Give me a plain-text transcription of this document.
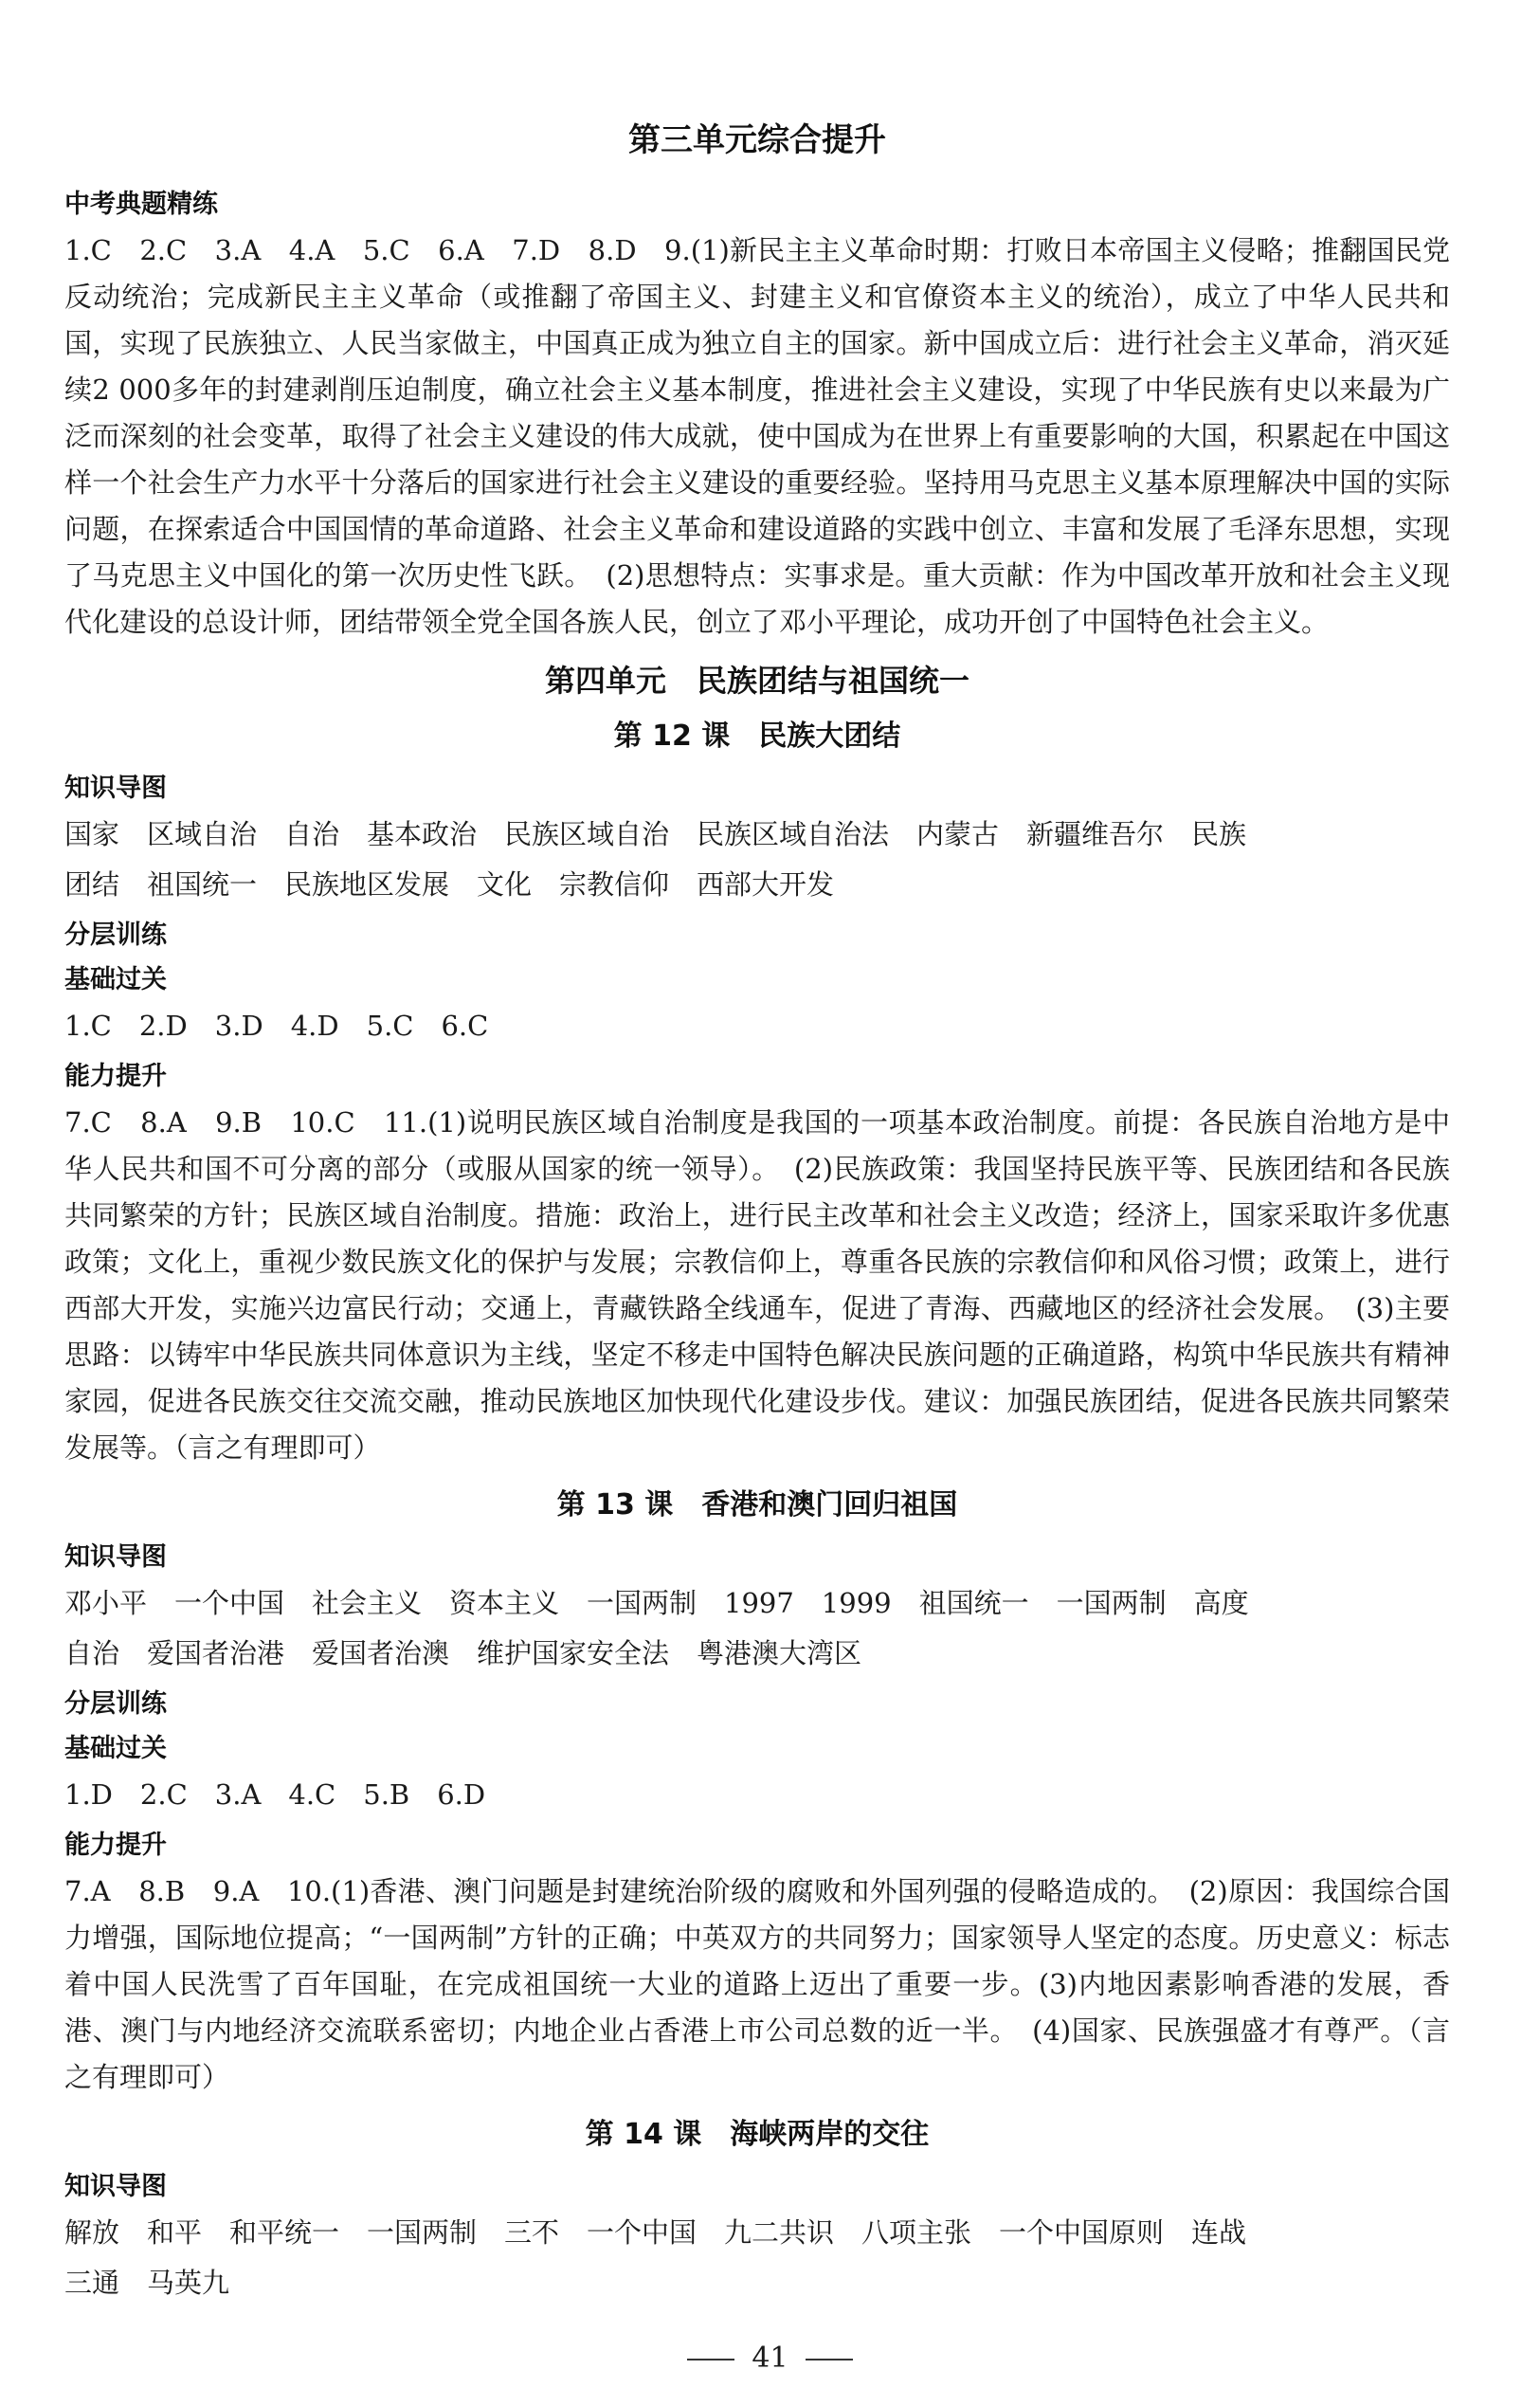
第三单元综合提升
中考典题精练

1.C　2.C　3.A　4.A　5.C　6.A　7.D　8.D　9.(1)新民主主义革命时期：打败日本帝国主义侵略；推翻国民党反动统治；完成新民主主义革命（或推翻了帝国主义、封建主义和官僚资本主义的统治），成立了中华人民共和国，实现了民族独立、人民当家做主，中国真正成为独立自主的国家。新中国成立后：进行社会主义革命，消灭延续2 000多年的封建剥削压迫制度，确立社会主义基本制度，推进社会主义建设，实现了中华民族有史以来最为广泛而深刻的社会变革，取得了社会主义建设的伟大成就，使中国成为在世界上有重要影响的大国，积累起在中国这样一个社会生产力水平十分落后的国家进行社会主义建设的重要经验。坚持用马克思主义基本原理解决中国的实际问题，在探索适合中国国情的革命道路、社会主义革命和建设道路的实践中创立、丰富和发展了毛泽东思想，实现了马克思主义中国化的第一次历史性飞跃。　(2)思想特点：实事求是。重大贡献：作为中国改革开放和社会主义现代化建设的总设计师，团结带领全党全国各族人民，创立了邓小平理论，成功开创了中国特色社会主义。

第四单元　民族团结与祖国统一
第 12 课　民族大团结
知识导图
国家　区域自治　自治　基本政治　民族区域自治　民族区域自治法　内蒙古　新疆维吾尔　民族
团结　祖国统一　民族地区发展　文化　宗教信仰　西部大开发
分层训练
基础过关
1.C　2.D　3.D　4.D　5.C　6.C
能力提升

7.C　8.A　9.B　10.C　11.(1)说明民族区域自治制度是我国的一项基本政治制度。前提：各民族自治地方是中华人民共和国不可分离的部分（或服从国家的统一领导）。　(2)民族政策：我国坚持民族平等、民族团结和各民族共同繁荣的方针；民族区域自治制度。措施：政治上，进行民主改革和社会主义改造；经济上，国家采取许多优惠政策；文化上，重视少数民族文化的保护与发展；宗教信仰上，尊重各民族的宗教信仰和风俗习惯；政策上，进行西部大开发，实施兴边富民行动；交通上，青藏铁路全线通车，促进了青海、西藏地区的经济社会发展。　(3)主要思路：以铸牢中华民族共同体意识为主线，坚定不移走中国特色解决民族问题的正确道路，构筑中华民族共有精神家园，促进各民族交往交流交融，推动民族地区加快现代化建设步伐。建议：加强民族团结，促进各民族共同繁荣发展等。（言之有理即可）

第 13 课　香港和澳门回归祖国
知识导图
邓小平　一个中国　社会主义　资本主义　一国两制　1997　1999　祖国统一　一国两制　高度
自治　爱国者治港　爱国者治澳　维护国家安全法　粤港澳大湾区
分层训练
基础过关
1.D　2.C　3.A　4.C　5.B　6.D
能力提升

7.A　8.B　9.A　10.(1)香港、澳门问题是封建统治阶级的腐败和外国列强的侵略造成的。　(2)原因：我国综合国力增强，国际地位提高；“一国两制”方针的正确；中英双方的共同努力；国家领导人坚定的态度。历史意义：标志着中国人民洗雪了百年国耻，在完成祖国统一大业的道路上迈出了重要一步。(3)内地因素影响香港的发展，香港、澳门与内地经济交流联系密切；内地企业占香港上市公司总数的近一半。　(4)国家、民族强盛才有尊严。（言之有理即可）

第 14 课　海峡两岸的交往
知识导图
解放　和平　和平统一　一国两制　三不　一个中国　九二共识　八项主张　一个中国原则　连战
三通　马英九
41
